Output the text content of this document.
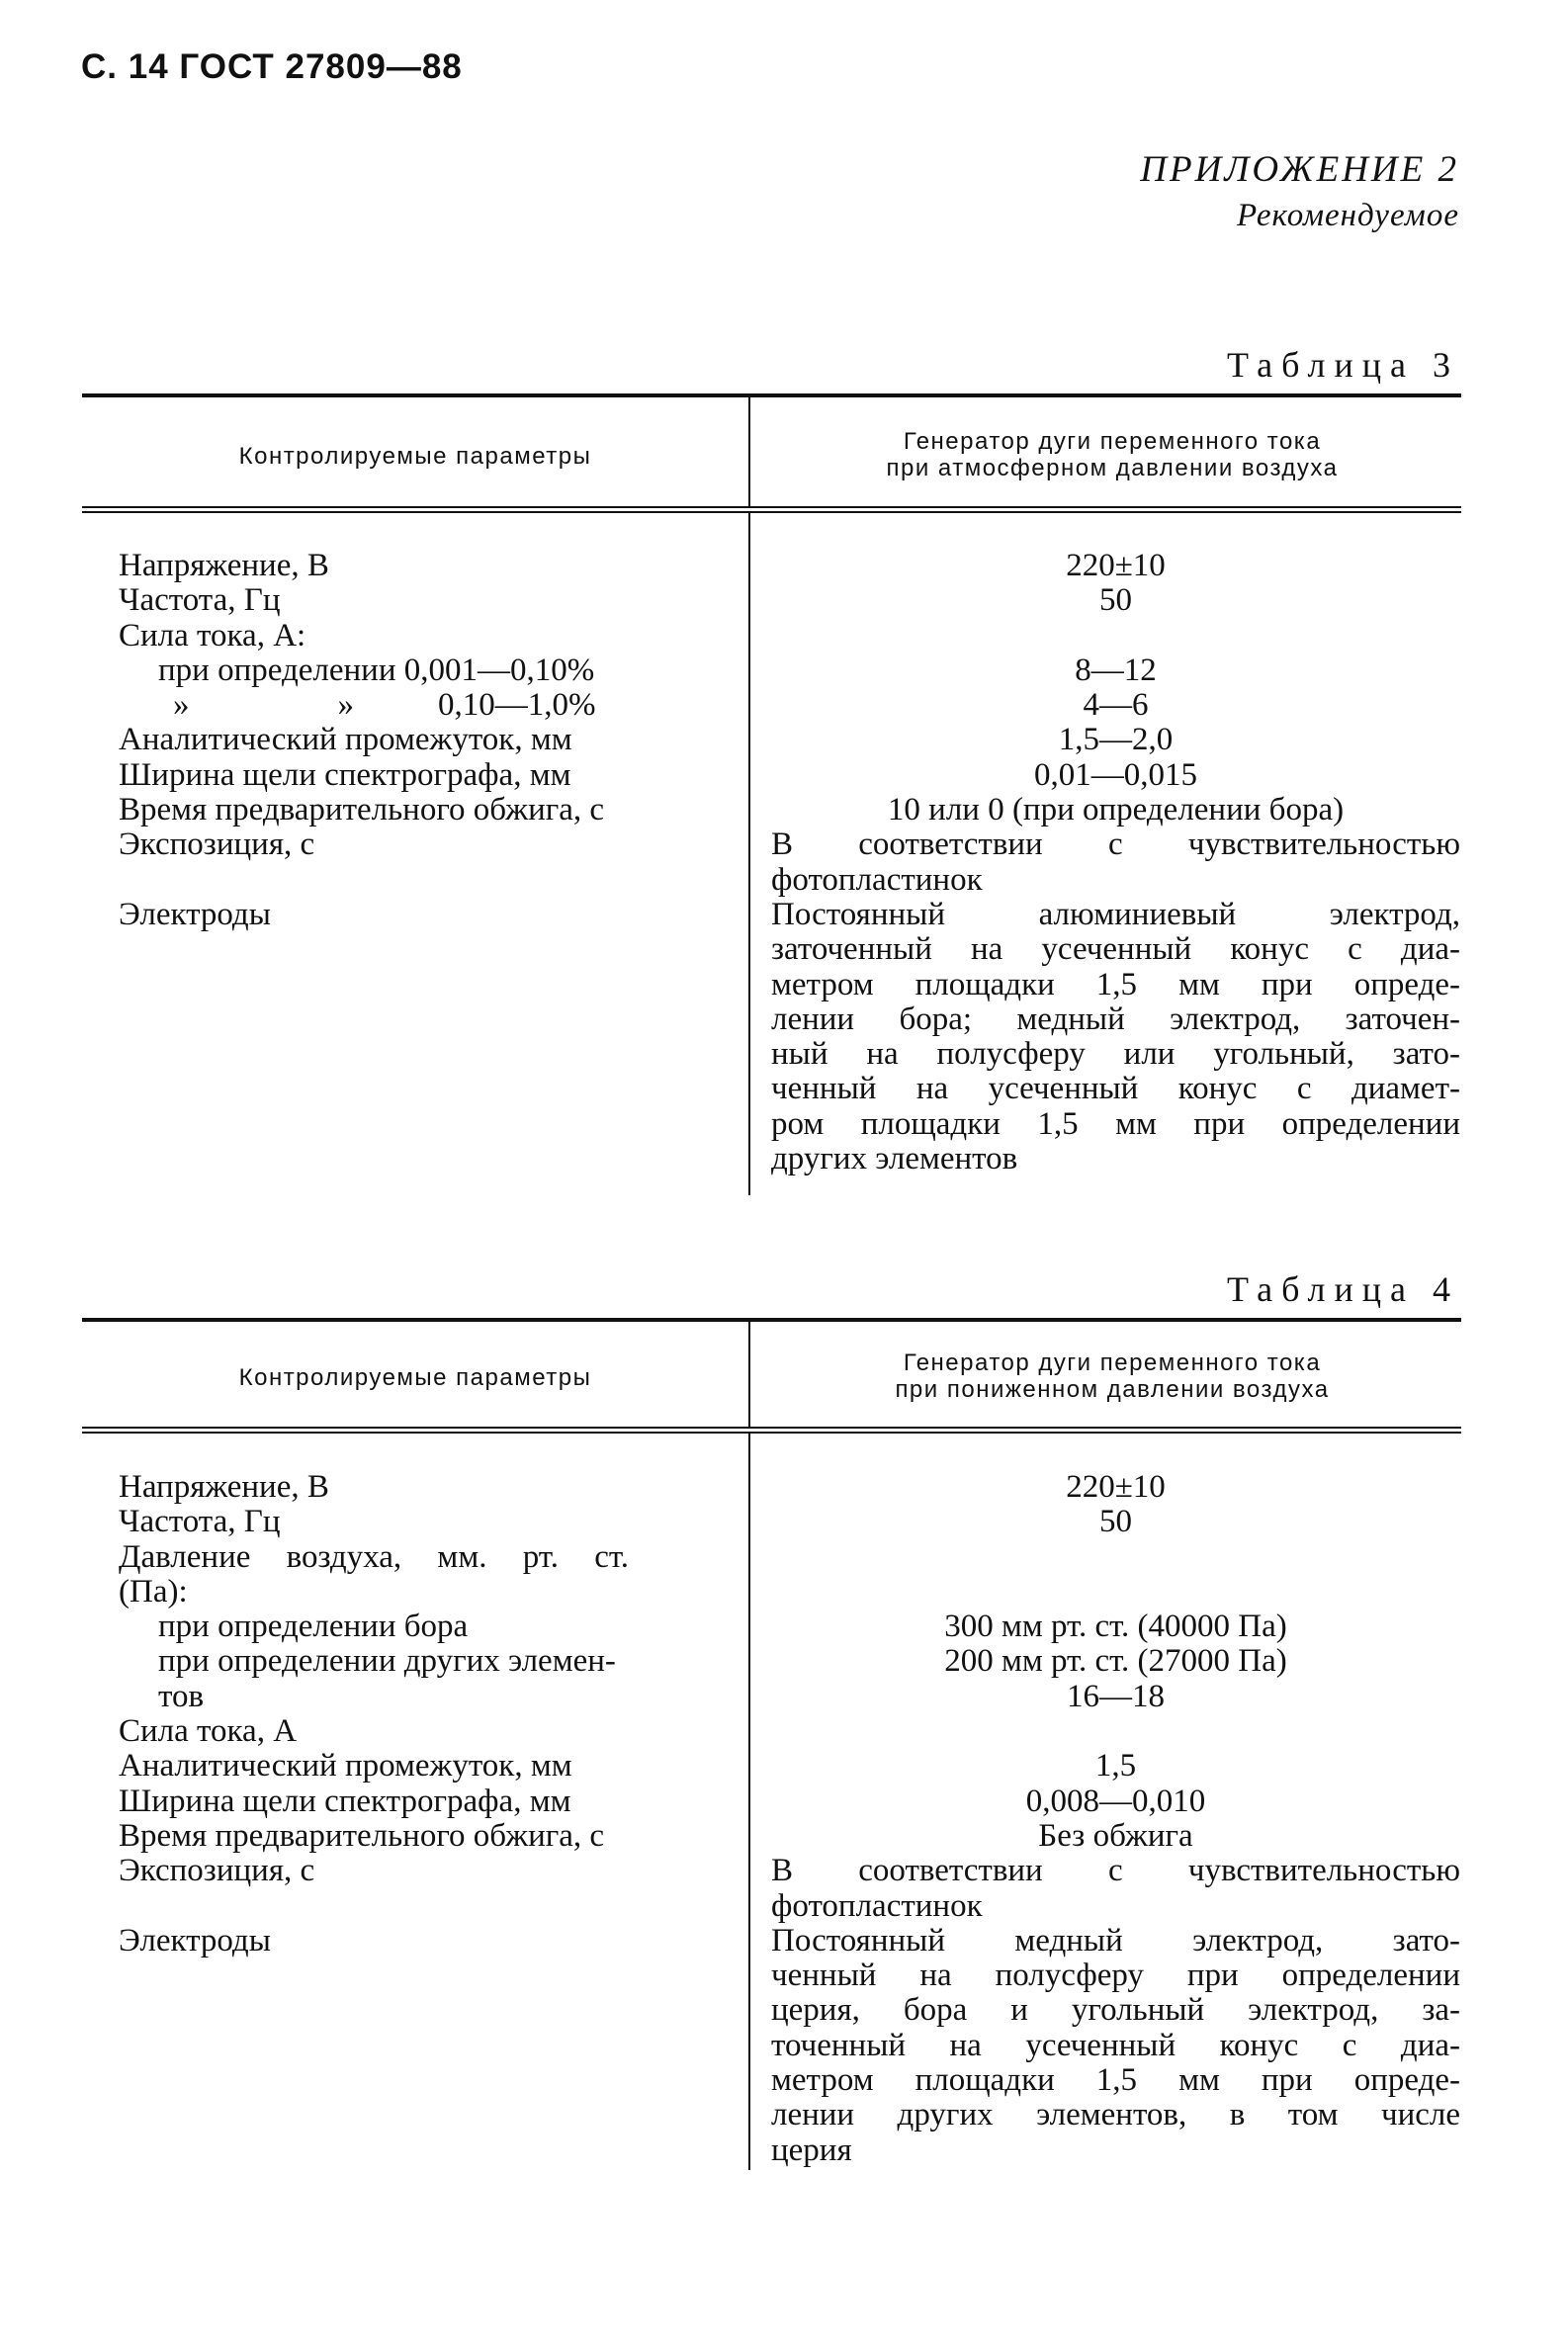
С. 14 ГОСТ 27809—88
ПРИЛОЖЕНИЕ 2
Рекомендуемое
Таблица 3
Контролируемые параметры
Генератор дуги переменного тока
при атмосферном давлении воздуха
Напряжение, В
Частота, Гц
Сила тока, А:
при определении 0,001—0,10%
»	»	0,10—1,0%
Аналитический промежуток, мм
Ширина щели спектрографа, мм
Время предварительного обжига, с
Экспозиция, с

Электроды
220±10
50

8—12
4—6
1,5—2,0
0,01—0,015
10 или 0 (при определении бора)
В соответствии с чувствительностью
фотопластинок
Постоянный алюминиевый электрод,
заточенный на усеченный конус с диа-
метром площадки 1,5 мм при опреде-
лении бора; медный электрод, заточен-
ный на полусферу или угольный, зато-
ченный на усеченный конус с диамет-
ром площадки 1,5 мм при определении
других элементов
Таблица 4
Контролируемые параметры
Генератор дуги переменного тока
при пониженном давлении воздуха
Напряжение, В
Частота, Гц
Давление воздуха, мм. рт. ст.
(Па):
при определении бора
при определении других элемен-
тов
Сила тока, А
Аналитический промежуток, мм
Ширина щели спектрографа, мм
Время предварительного обжига, с
Экспозиция, с

Электроды
220±10
50

300 мм рт. ст. (40000 Па)
200 мм рт. ст. (27000 Па)
16—18

1,5
0,008—0,010
Без обжига
В соответствии с чувствительностью
фотопластинок
Постоянный медный электрод, зато-
ченный на полусферу при определении
церия, бора и угольный электрод, за-
точенный на усеченный конус с диа-
метром площадки 1,5 мм при опреде-
лении других элементов, в том числе
церия
